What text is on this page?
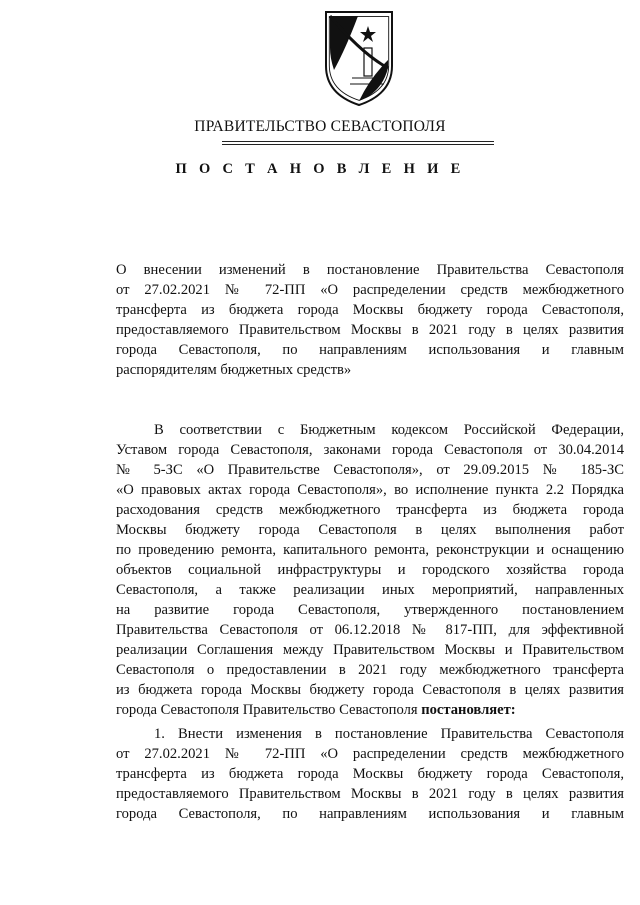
ПРАВИТЕЛЬСТВО СЕВАСТОПОЛЯ
П О С Т А Н О В Л Е Н И Е
О внесении изменений в постановление Правительства Севастополя
от 27.02.2021 № 72-ПП «О распределении средств межбюджетного
трансферта из бюджета города Москвы бюджету города Севастополя,
предоставляемого Правительством Москвы в 2021 году в целях развития
города Севастополя, по направлениям использования и главным
распорядителям бюджетных средств»
В соответствии с Бюджетным кодексом Российской Федерации,
Уставом города Севастополя, законами города Севастополя от 30.04.2014
№ 5-ЗС «О Правительстве Севастополя», от 29.09.2015 № 185-ЗС
«О правовых актах города Севастополя», во исполнение пункта 2.2 Порядка
расходования средств межбюджетного трансферта из бюджета города
Москвы бюджету города Севастополя в целях выполнения работ
по проведению ремонта, капитального ремонта, реконструкции и оснащению
объектов социальной инфраструктуры и городского хозяйства города
Севастополя, а также реализации иных мероприятий, направленных
на развитие города Севастополя, утвержденного постановлением
Правительства Севастополя от 06.12.2018 № 817-ПП, для эффективной
реализации Соглашения между Правительством Москвы и Правительством
Севастополя о предоставлении в 2021 году межбюджетного трансферта
из бюджета города Москвы бюджету города Севастополя в целях развития
города Севастополя Правительство Севастополя постановляет:
1. Внести изменения в постановление Правительства Севастополя
от 27.02.2021 № 72-ПП «О распределении средств межбюджетного
трансферта из бюджета города Москвы бюджету города Севастополя,
предоставляемого Правительством Москвы в 2021 году в целях развития
города Севастополя, по направлениям использования и главным
